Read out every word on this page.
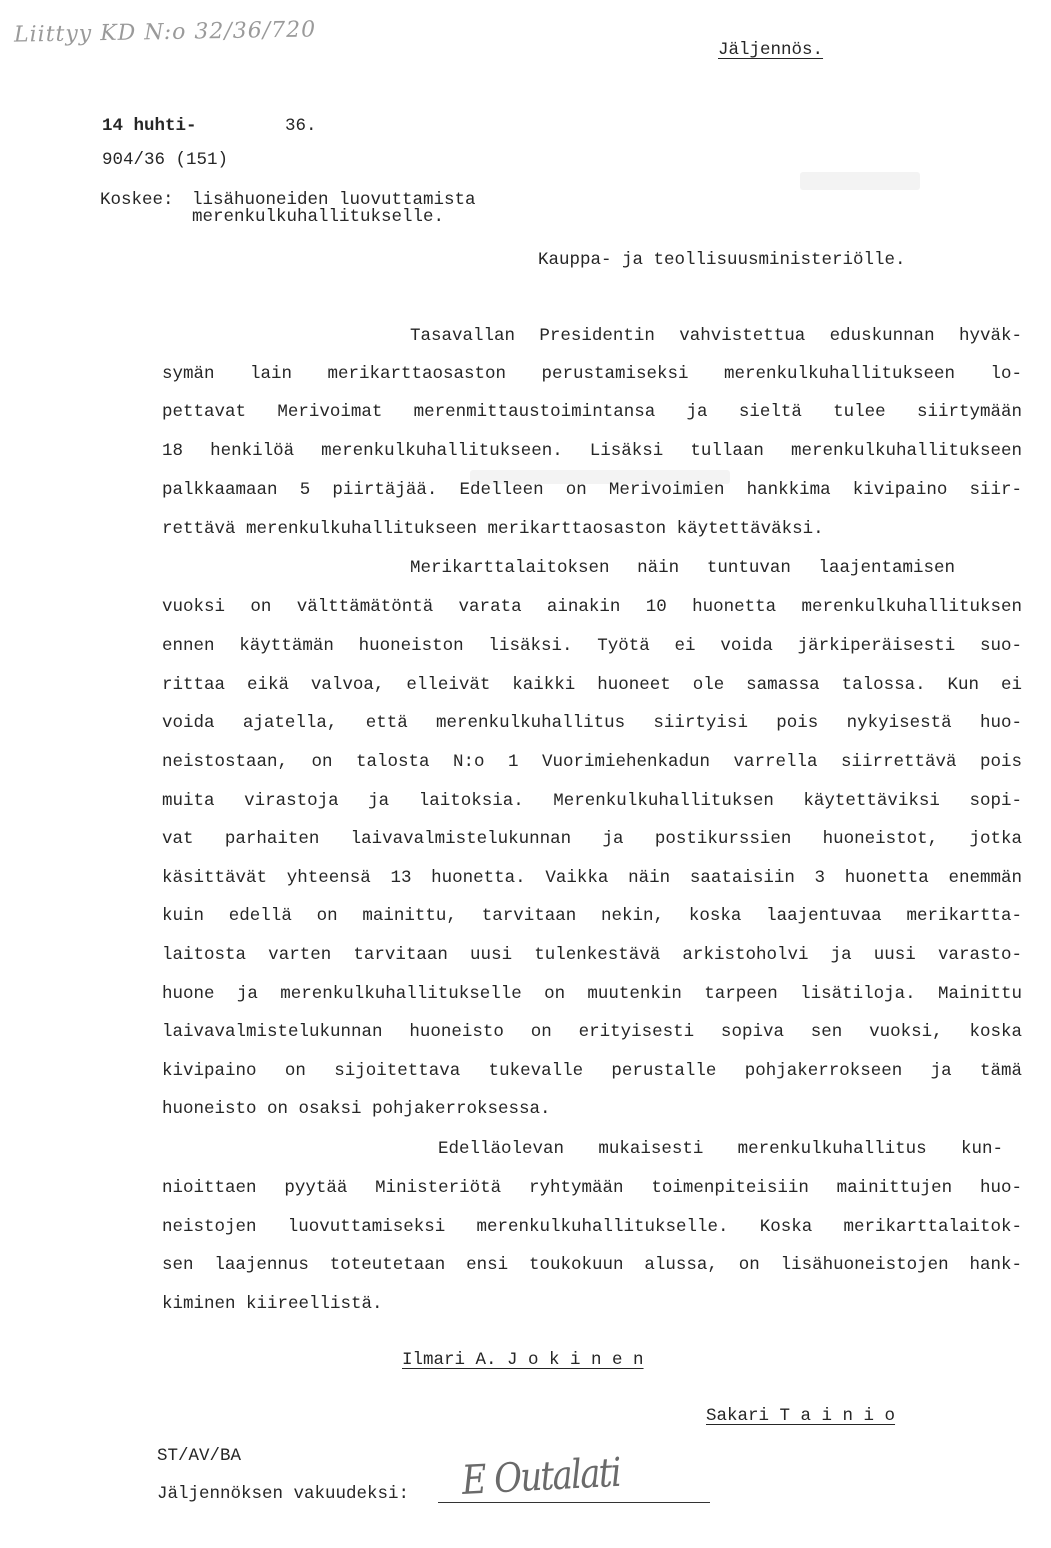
Liittyy KD N:o 32/36/720
Jäljennös.
14 huhti-	36.
904/36 (151)
Koskee: lisähuoneiden luovuttamista
merenkulkuhallitukselle.
Kauppa- ja teollisuusministeriölle.
Tasavallan Presidentin vahvistettua eduskunnan hyväk-
symän lain merikarttaosaston perustamiseksi merenkulkuhallitukseen lo-
pettavat Merivoimat merenmittaustoimintansa ja sieltä tulee siirtymään
18 henkilöä merenkulkuhallitukseen. Lisäksi tullaan merenkulkuhallitukseen
palkkaamaan 5 piirtäjää. Edelleen on Merivoimien hankkima kivipaino siir-
rettävä merenkulkuhallitukseen merikarttaosaston käytettäväksi.
Merikarttalaitoksen näin tuntuvan laajentamisen
vuoksi on välttämätöntä varata ainakin 10 huonetta merenkulkuhallituksen
ennen käyttämän huoneiston lisäksi. Työtä ei voida järkiperäisesti suo-
rittaa eikä valvoa, elleivät kaikki huoneet ole samassa talossa. Kun ei
voida ajatella, että merenkulkuhallitus siirtyisi pois nykyisestä huo-
neistostaan, on talosta N:o 1 Vuorimiehenkadun varrella siirrettävä pois
muita virastoja ja laitoksia. Merenkulkuhallituksen käytettäviksi sopi-
vat parhaiten laivavalmistelukunnan ja postikurssien huoneistot, jotka
käsittävät yhteensä 13 huonetta. Vaikka näin saataisiin 3 huonetta enemmän
kuin edellä on mainittu, tarvitaan nekin, koska laajentuvaa merikartta-
laitosta varten tarvitaan uusi tulenkestävä arkistoholvi ja uusi varasto-
huone ja merenkulkuhallitukselle on muutenkin tarpeen lisätiloja. Mainittu
laivavalmistelukunnan huoneisto on erityisesti sopiva sen vuoksi, koska
kivipaino on sijoitettava tukevalle perustalle pohjakerrokseen ja tämä
huoneisto on osaksi pohjakerroksessa.
Edelläolevan mukaisesti merenkulkuhallitus kun-
nioittaen pyytää Ministeriötä ryhtymään toimenpiteisiin mainittujen huo-
neistojen luovuttamiseksi merenkulkuhallitukselle. Koska merikarttalaitok-
sen laajennus toteutetaan ensi toukokuun alussa, on lisähuoneistojen hank-
kiminen kiireellistä.
Ilmari A. J o k i n e n
Sakari T a i n i o
ST/AV/BA
Jäljennöksen vakuudeksi: E Outalati
